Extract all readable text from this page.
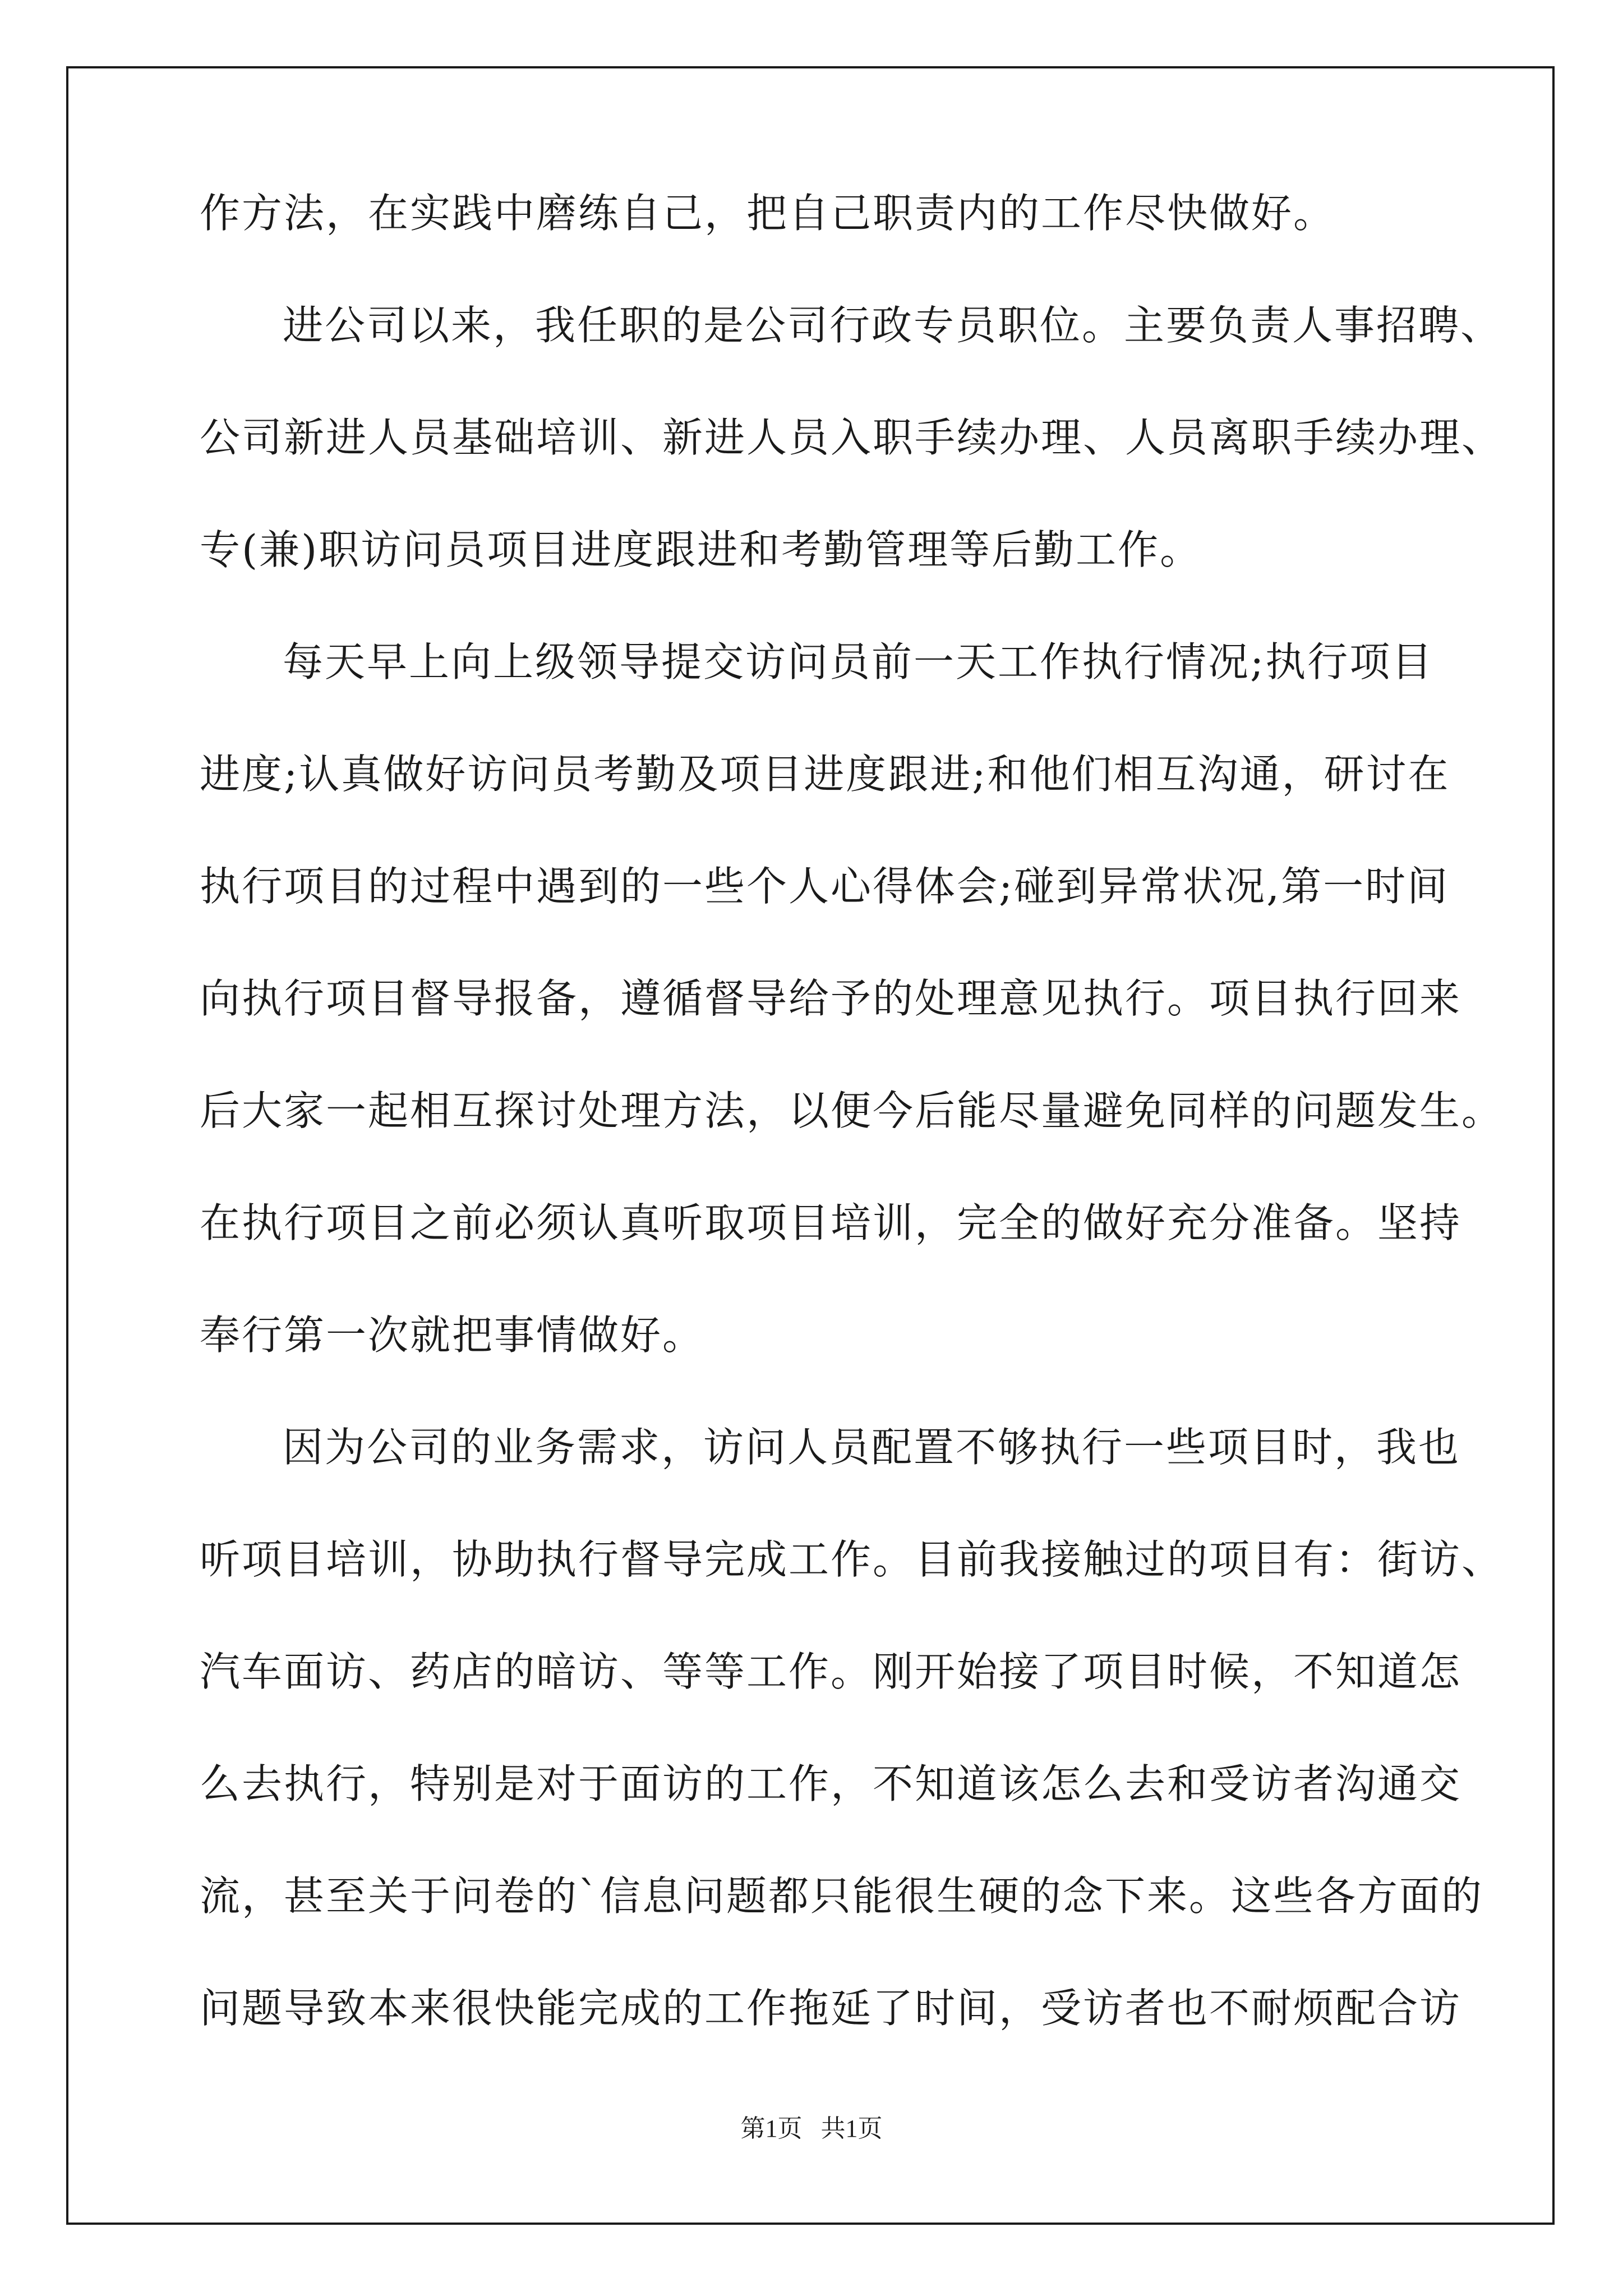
作方法，在实践中磨练自己，把自己职责内的工作尽快做好。
进公司以来，我任职的是公司行政专员职位。主要负责人事招聘、
公司新进人员基础培训、新进人员入职手续办理、人员离职手续办理、
专(兼)职访问员项目进度跟进和考勤管理等后勤工作。
每天早上向上级领导提交访问员前一天工作执行情况;执行项目
进度;认真做好访问员考勤及项目进度跟进;和他们相互沟通，研讨在
执行项目的过程中遇到的一些个人心得体会;碰到异常状况,第一时间
向执行项目督导报备，遵循督导给予的处理意见执行。项目执行回来
后大家一起相互探讨处理方法，以便今后能尽量避免同样的问题发生。
在执行项目之前必须认真听取项目培训，完全的做好充分准备。坚持
奉行第一次就把事情做好。
因为公司的业务需求，访问人员配置不够执行一些项目时，我也
听项目培训，协助执行督导完成工作。目前我接触过的项目有：街访、
汽车面访、药店的暗访、等等工作。刚开始接了项目时候，不知道怎
么去执行，特别是对于面访的工作，不知道该怎么去和受访者沟通交
流，甚至关于问卷的`信息问题都只能很生硬的念下来。这些各方面的
问题导致本来很快能完成的工作拖延了时间，受访者也不耐烦配合访
第1页   共1页
